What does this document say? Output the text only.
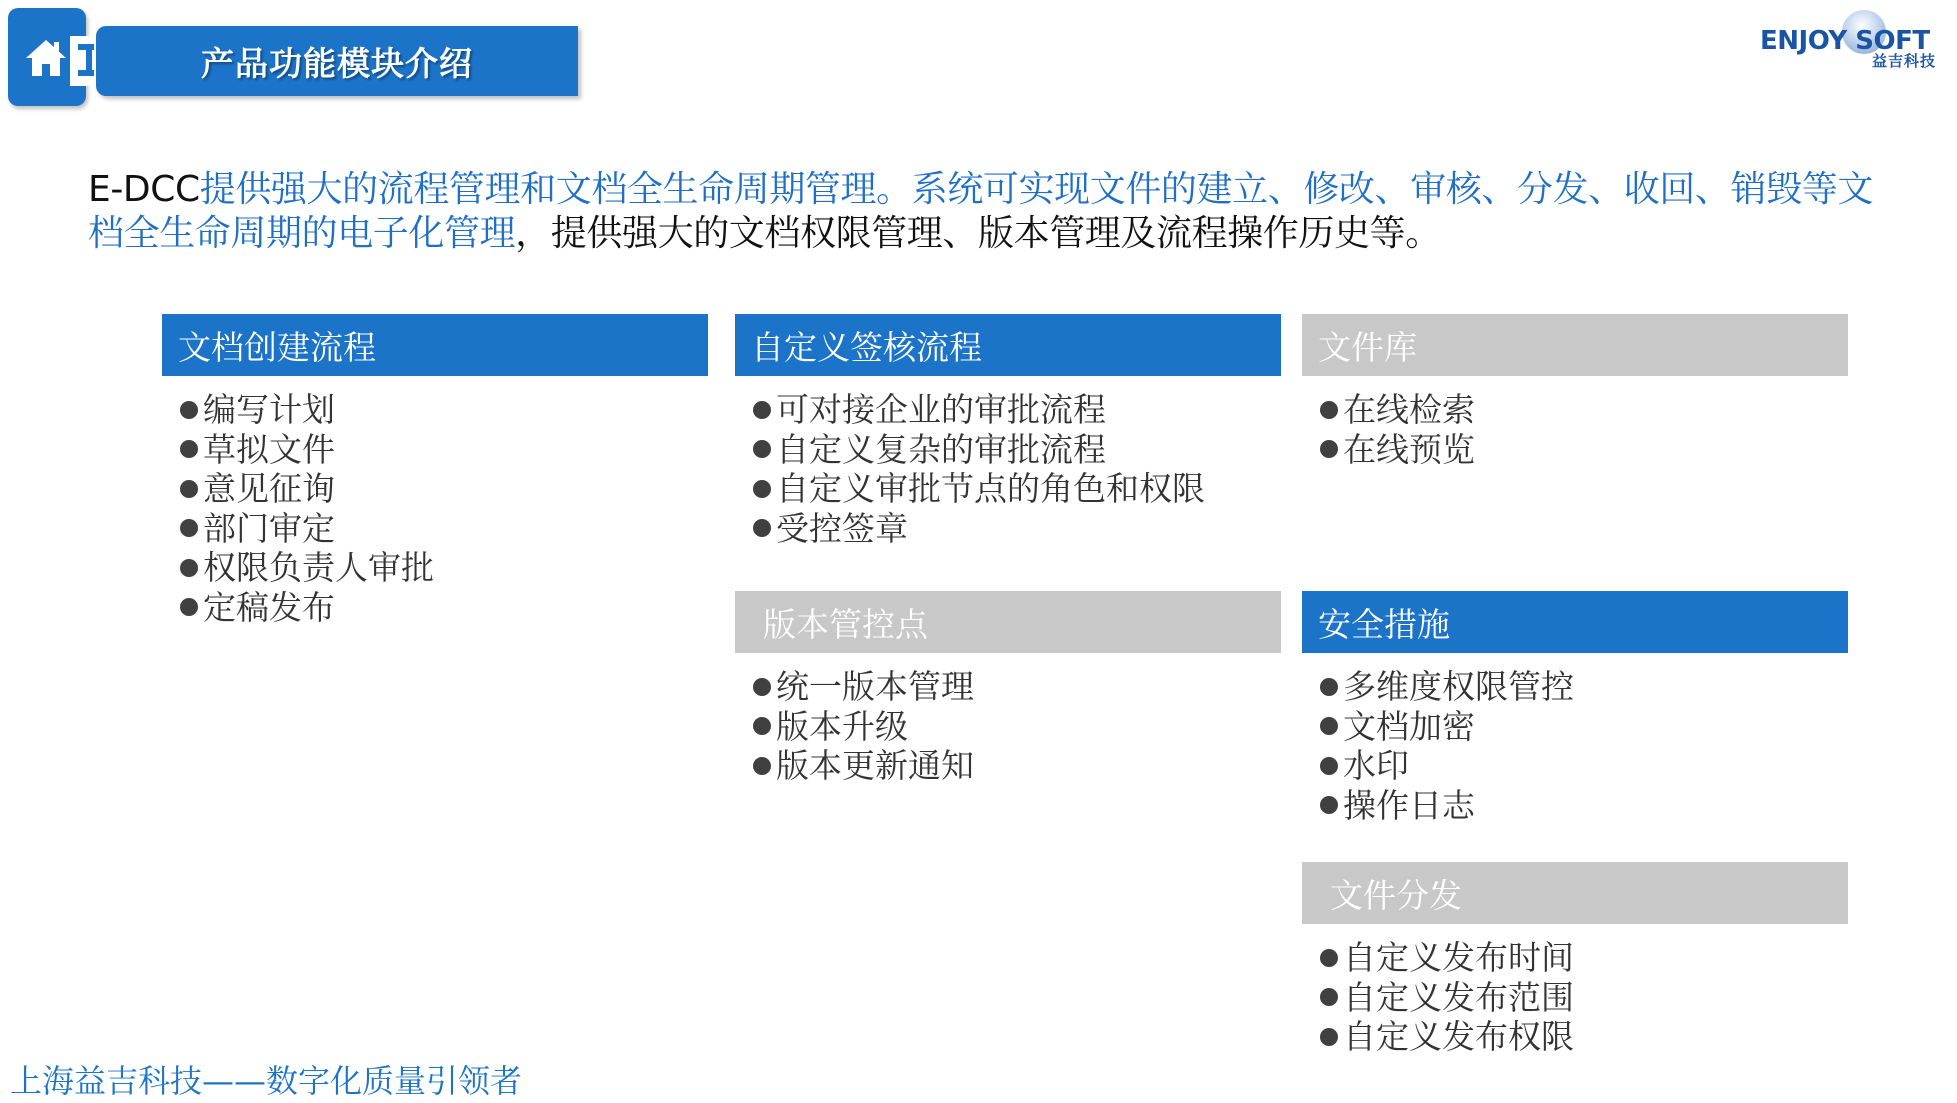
产品功能模块介绍
ENJOY SOFT
益吉科技
E-DCC提供强大的流程管理和文档全生命周期管理。系统可实现文件的建立、修改、审核、分发、收回、销毁等文档全生命周期的电子化管理，提供强大的文档权限管理、版本管理及流程操作历史等。
文档创建流程
编写计划
草拟文件
意见征询
部门审定
权限负责人审批
定稿发布
自定义签核流程
可对接企业的审批流程
自定义复杂的审批流程
自定义审批节点的角色和权限
受控签章
文件库
在线检索
在线预览
版本管控点
统一版本管理
版本升级
版本更新通知
安全措施
多维度权限管控
文档加密
水印
操作日志
文件分发
自定义发布时间
自定义发布范围
自定义发布权限
上海益吉科技——数字化质量引领者
